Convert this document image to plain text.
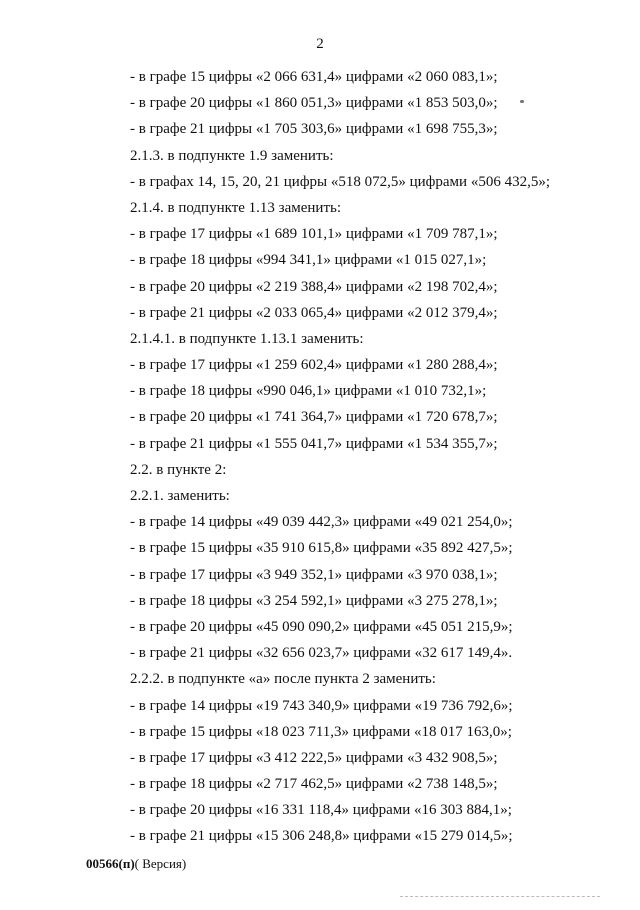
2
- в графе 15 цифры «2 066 631,4» цифрами «2 060 083,1»;
- в графе 20 цифры «1 860 051,3» цифрами «1 853 503,0»;
- в графе 21 цифры «1 705 303,6» цифрами «1 698 755,3»;
2.1.3. в подпункте 1.9 заменить:
- в графах 14, 15, 20, 21 цифры «518 072,5» цифрами «506 432,5»;
2.1.4. в подпункте 1.13 заменить:
- в графе 17 цифры «1 689 101,1» цифрами «1 709 787,1»;
- в графе 18 цифры «994 341,1» цифрами «1 015 027,1»;
- в графе 20 цифры «2 219 388,4» цифрами «2 198 702,4»;
- в графе 21 цифры «2 033 065,4» цифрами «2 012 379,4»;
2.1.4.1. в подпункте 1.13.1 заменить:
- в графе 17 цифры «1 259 602,4» цифрами «1 280 288,4»;
- в графе 18 цифры «990 046,1» цифрами «1 010 732,1»;
- в графе 20 цифры «1 741 364,7» цифрами «1 720 678,7»;
- в графе 21 цифры «1 555 041,7» цифрами «1 534 355,7»;
2.2. в пункте 2:
2.2.1. заменить:
- в графе 14 цифры «49 039 442,3» цифрами «49 021 254,0»;
- в графе 15 цифры «35 910 615,8» цифрами «35 892 427,5»;
- в графе 17 цифры «3 949 352,1» цифрами «3 970 038,1»;
- в графе 18 цифры «3 254 592,1» цифрами «3 275 278,1»;
- в графе 20 цифры «45 090 090,2» цифрами «45 051 215,9»;
- в графе 21 цифры «32 656 023,7» цифрами «32 617 149,4».
2.2.2. в подпункте «а» после пункта 2 заменить:
- в графе 14 цифры «19 743 340,9» цифрами «19 736 792,6»;
- в графе 15 цифры «18 023 711,3» цифрами «18 017 163,0»;
- в графе 17 цифры «3 412 222,5» цифрами «3 432 908,5»;
- в графе 18 цифры «2 717 462,5» цифрами «2 738 148,5»;
- в графе 20 цифры «16 331 118,4» цифрами «16 303 884,1»;
- в графе 21 цифры «15 306 248,8» цифрами «15 279 014,5»;
00566(п)( Версия)
